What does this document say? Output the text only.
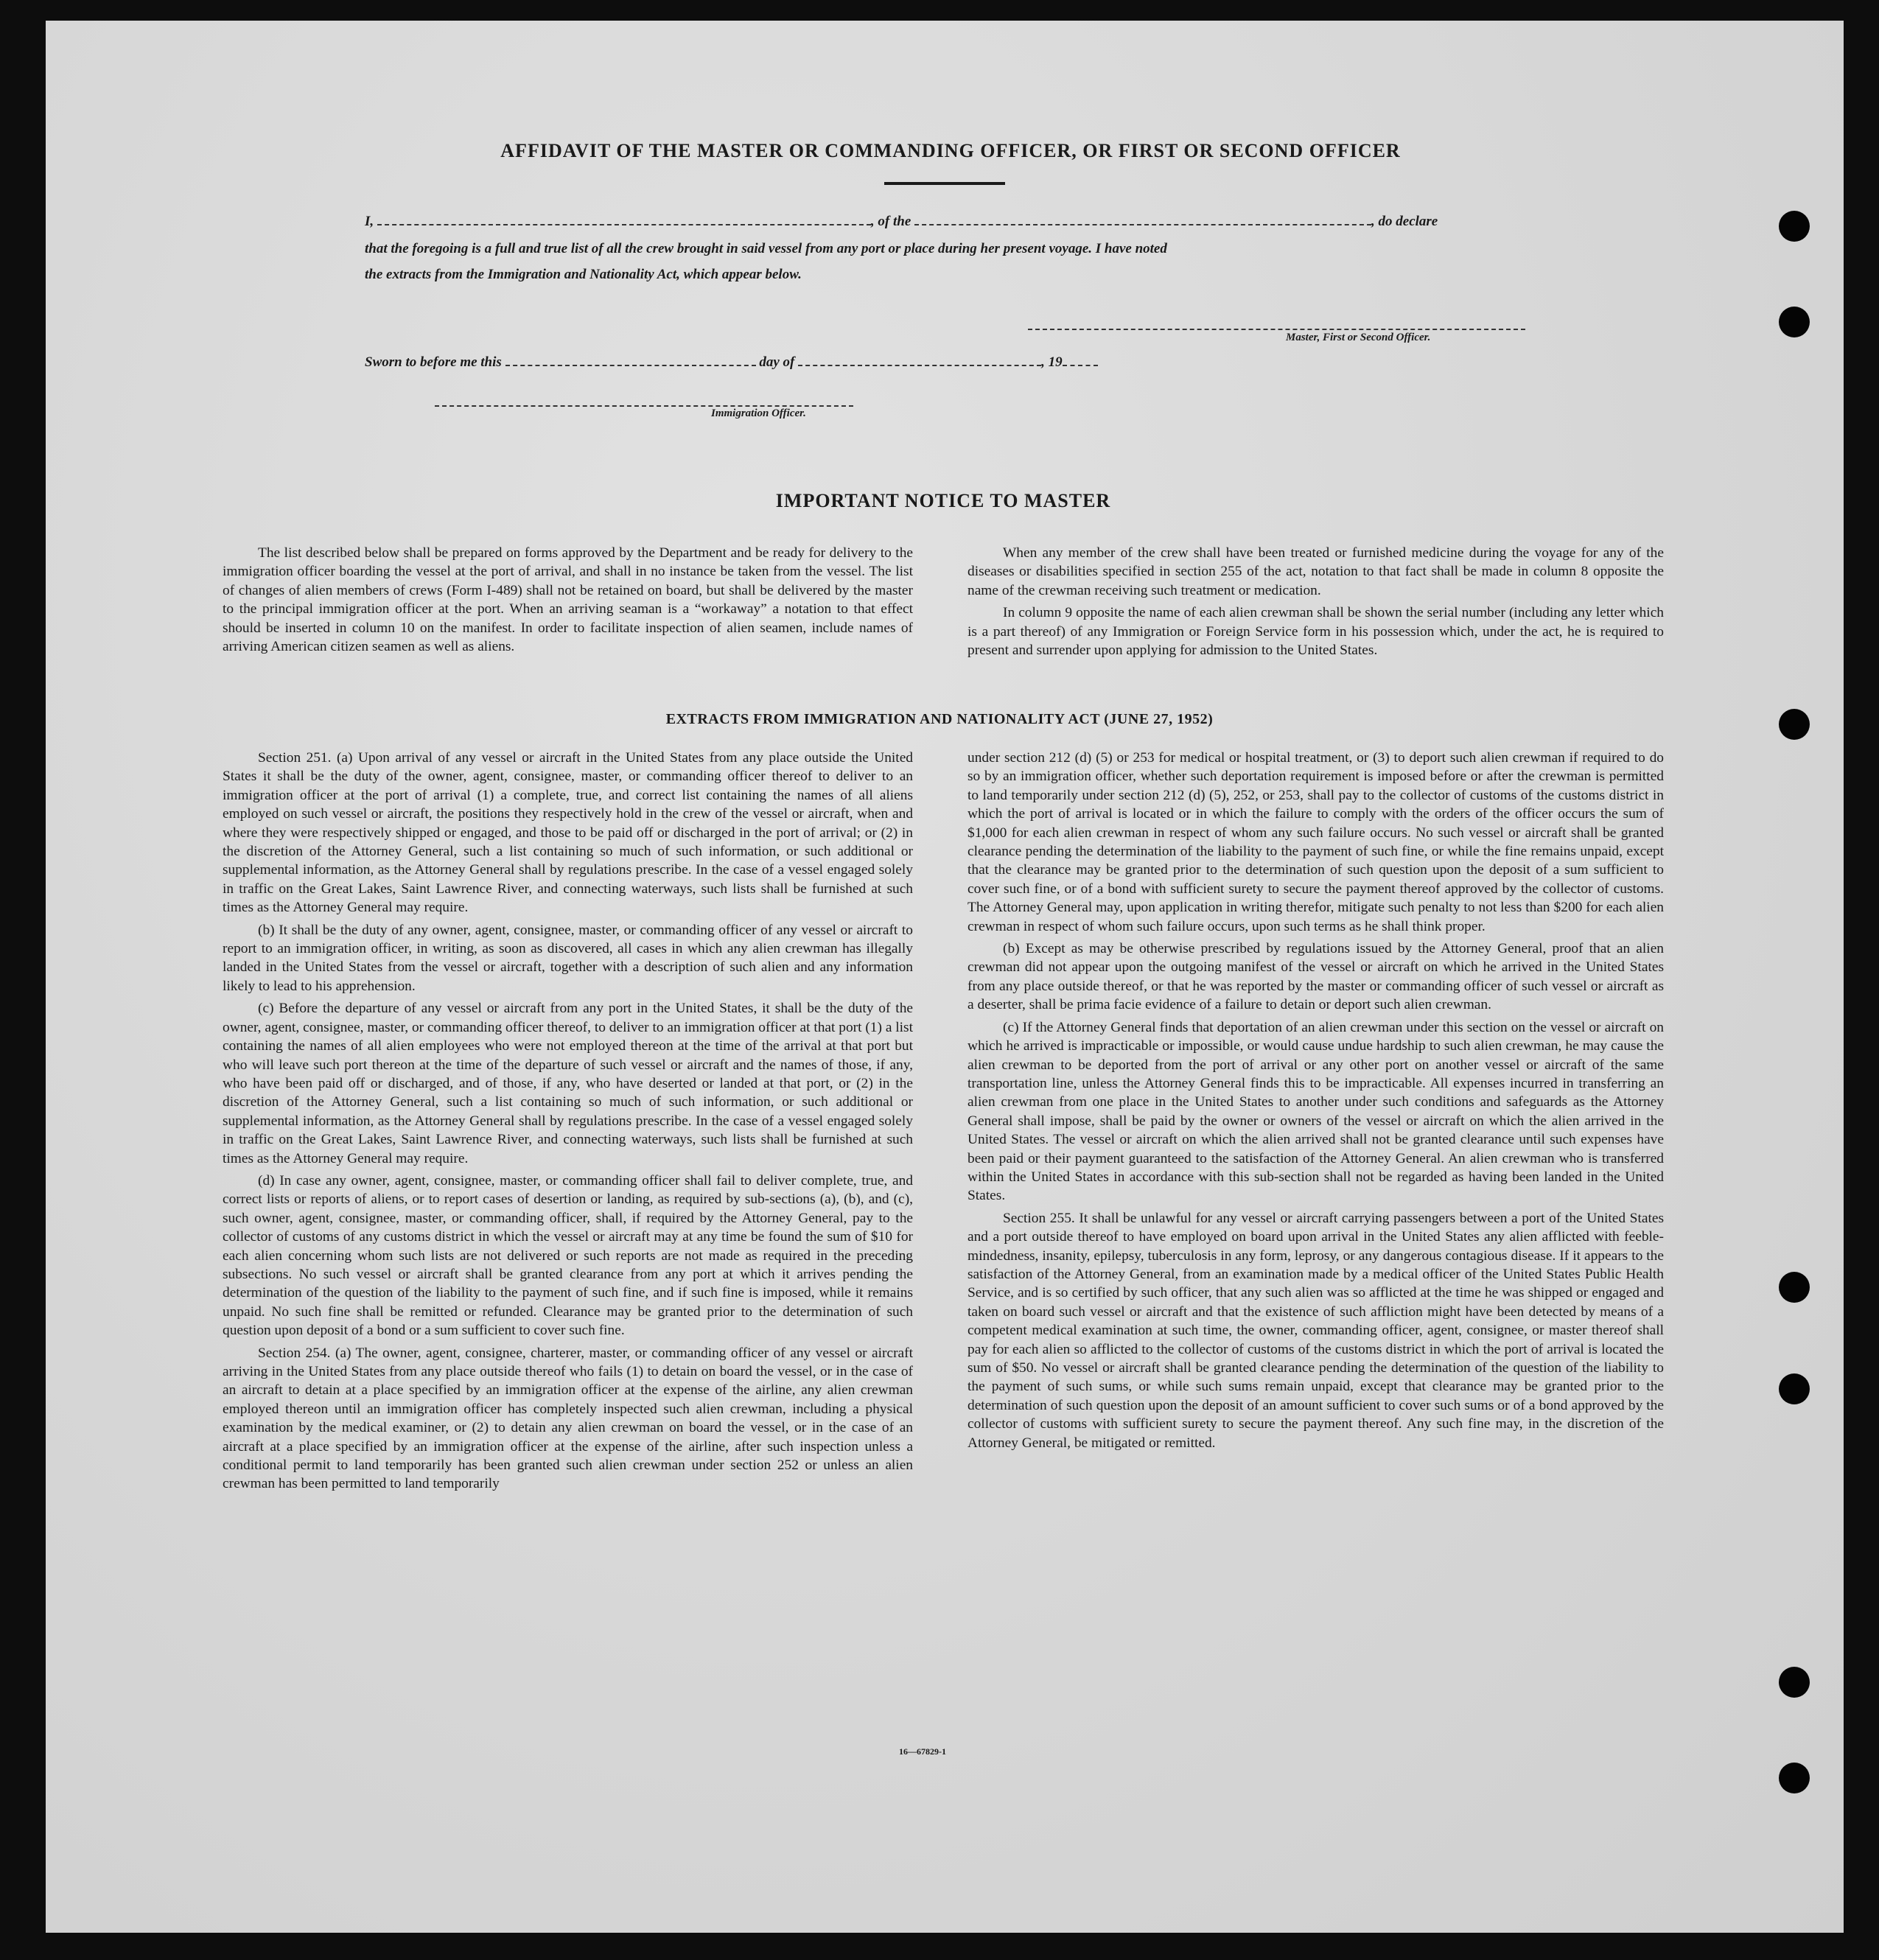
AFFIDAVIT OF THE MASTER OR COMMANDING OFFICER, OR FIRST OR SECOND OFFICER
I,	, of the	, do declare
that the foregoing is a full and true list of all the crew brought in said vessel from any port or place during her present voyage. I have noted
the extracts from the Immigration and Nationality Act, which appear below.
Master, First or Second Officer.
Sworn to before me this	day of	, 19
Immigration Officer.
IMPORTANT NOTICE TO MASTER

The list described below shall be prepared on forms approved by the Department and be ready for delivery to the immigration officer boarding the vessel at the port of arrival, and shall in no instance be taken from the vessel. The list of changes of alien members of crews (Form I-489) shall not be retained on board, but shall be delivered by the master to the principal immigration officer at the port. When an arriving seaman is a “workaway” a notation to that effect should be inserted in column 10 on the manifest. In order to facilitate inspection of alien seamen, include names of arriving American citizen seamen as well as aliens.

When any member of the crew shall have been treated or furnished medicine during the voyage for any of the diseases or disabilities specified in section 255 of the act, notation to that fact shall be made in column 8 opposite the name of the crewman receiving such treatment or medication.

In column 9 opposite the name of each alien crewman shall be shown the serial number (including any letter which is a part thereof) of any Immigration or Foreign Service form in his possession which, under the act, he is required to present and surrender upon applying for admission to the United States.

EXTRACTS FROM IMMIGRATION AND NATIONALITY ACT (JUNE 27, 1952)

Section 251. (a) Upon arrival of any vessel or aircraft in the United States from any place outside the United States it shall be the duty of the owner, agent, consignee, master, or commanding officer thereof to deliver to an immigration officer at the port of arrival (1) a complete, true, and correct list containing the names of all aliens employed on such vessel or aircraft, the positions they respectively hold in the crew of the vessel or aircraft, when and where they were respectively shipped or engaged, and those to be paid off or discharged in the port of arrival; or (2) in the discretion of the Attorney General, such a list containing so much of such information, or such additional or supplemental information, as the Attorney General shall by regulations prescribe. In the case of a vessel engaged solely in traffic on the Great Lakes, Saint Lawrence River, and connecting waterways, such lists shall be furnished at such times as the Attorney General may require.

(b) It shall be the duty of any owner, agent, consignee, master, or commanding officer of any vessel or aircraft to report to an immigration officer, in writing, as soon as discovered, all cases in which any alien crewman has illegally landed in the United States from the vessel or aircraft, together with a description of such alien and any information likely to lead to his apprehension.

(c) Before the departure of any vessel or aircraft from any port in the United States, it shall be the duty of the owner, agent, consignee, master, or commanding officer thereof, to deliver to an immigration officer at that port (1) a list containing the names of all alien employees who were not employed thereon at the time of the arrival at that port but who will leave such port thereon at the time of the departure of such vessel or aircraft and the names of those, if any, who have been paid off or discharged, and of those, if any, who have deserted or landed at that port, or (2) in the discretion of the Attorney General, such a list containing so much of such information, or such additional or supplemental information, as the Attorney General shall by regulations prescribe. In the case of a vessel engaged solely in traffic on the Great Lakes, Saint Lawrence River, and connecting waterways, such lists shall be furnished at such times as the Attorney General may require.

(d) In case any owner, agent, consignee, master, or commanding officer shall fail to deliver complete, true, and correct lists or reports of aliens, or to report cases of desertion or landing, as required by sub-sections (a), (b), and (c), such owner, agent, consignee, master, or commanding officer, shall, if required by the Attorney General, pay to the collector of customs of any customs district in which the vessel or aircraft may at any time be found the sum of $10 for each alien concerning whom such lists are not delivered or such reports are not made as required in the preceding subsections. No such vessel or aircraft shall be granted clearance from any port at which it arrives pending the determination of the question of the liability to the payment of such fine, and if such fine is imposed, while it remains unpaid. No such fine shall be remitted or refunded. Clearance may be granted prior to the determination of such question upon deposit of a bond or a sum sufficient to cover such fine.

Section 254. (a) The owner, agent, consignee, charterer, master, or commanding officer of any vessel or aircraft arriving in the United States from any place outside thereof who fails (1) to detain on board the vessel, or in the case of an aircraft to detain at a place specified by an immigration officer at the expense of the airline, any alien crewman employed thereon until an immigration officer has completely inspected such alien crewman, including a physical examination by the medical examiner, or (2) to detain any alien crewman on board the vessel, or in the case of an aircraft at a place specified by an immigration officer at the expense of the airline, after such inspection unless a conditional permit to land temporarily has been granted such alien crewman under section 252 or unless an alien crewman has been permitted to land temporarily

under section 212 (d) (5) or 253 for medical or hospital treatment, or (3) to deport such alien crewman if required to do so by an immigration officer, whether such deportation requirement is imposed before or after the crewman is permitted to land temporarily under section 212 (d) (5), 252, or 253, shall pay to the collector of customs of the customs district in which the port of arrival is located or in which the failure to comply with the orders of the officer occurs the sum of $1,000 for each alien crewman in respect of whom any such failure occurs. No such vessel or aircraft shall be granted clearance pending the determination of the liability to the payment of such fine, or while the fine remains unpaid, except that the clearance may be granted prior to the determination of such question upon the deposit of a sum sufficient to cover such fine, or of a bond with sufficient surety to secure the payment thereof approved by the collector of customs. The Attorney General may, upon application in writing therefor, mitigate such penalty to not less than $200 for each alien crewman in respect of whom such failure occurs, upon such terms as he shall think proper.

(b) Except as may be otherwise prescribed by regulations issued by the Attorney General, proof that an alien crewman did not appear upon the outgoing manifest of the vessel or aircraft on which he arrived in the United States from any place outside thereof, or that he was reported by the master or commanding officer of such vessel or aircraft as a deserter, shall be prima facie evidence of a failure to detain or deport such alien crewman.

(c) If the Attorney General finds that deportation of an alien crewman under this section on the vessel or aircraft on which he arrived is impracticable or impossible, or would cause undue hardship to such alien crewman, he may cause the alien crewman to be deported from the port of arrival or any other port on another vessel or aircraft of the same transportation line, unless the Attorney General finds this to be impracticable. All expenses incurred in transferring an alien crewman from one place in the United States to another under such conditions and safeguards as the Attorney General shall impose, shall be paid by the owner or owners of the vessel or aircraft on which the alien arrived in the United States. The vessel or aircraft on which the alien arrived shall not be granted clearance until such expenses have been paid or their payment guaranteed to the satisfaction of the Attorney General. An alien crewman who is transferred within the United States in accordance with this sub-section shall not be regarded as having been landed in the United States.

Section 255. It shall be unlawful for any vessel or aircraft carrying passengers between a port of the United States and a port outside thereof to have employed on board upon arrival in the United States any alien afflicted with feeble-mindedness, insanity, epilepsy, tuberculosis in any form, leprosy, or any dangerous contagious disease. If it appears to the satisfaction of the Attorney General, from an examination made by a medical officer of the United States Public Health Service, and is so certified by such officer, that any such alien was so afflicted at the time he was shipped or engaged and taken on board such vessel or aircraft and that the existence of such affliction might have been detected by means of a competent medical examination at such time, the owner, commanding officer, agent, consignee, or master thereof shall pay for each alien so afflicted to the collector of customs of the customs district in which the port of arrival is located the sum of $50. No vessel or aircraft shall be granted clearance pending the determination of the question of the liability to the payment of such sums, or while such sums remain unpaid, except that clearance may be granted prior to the determination of such question upon the deposit of an amount sufficient to cover such sums or of a bond approved by the collector of customs with sufficient surety to secure the payment thereof. Any such fine may, in the discretion of the Attorney General, be mitigated or remitted.

16—67829-1
